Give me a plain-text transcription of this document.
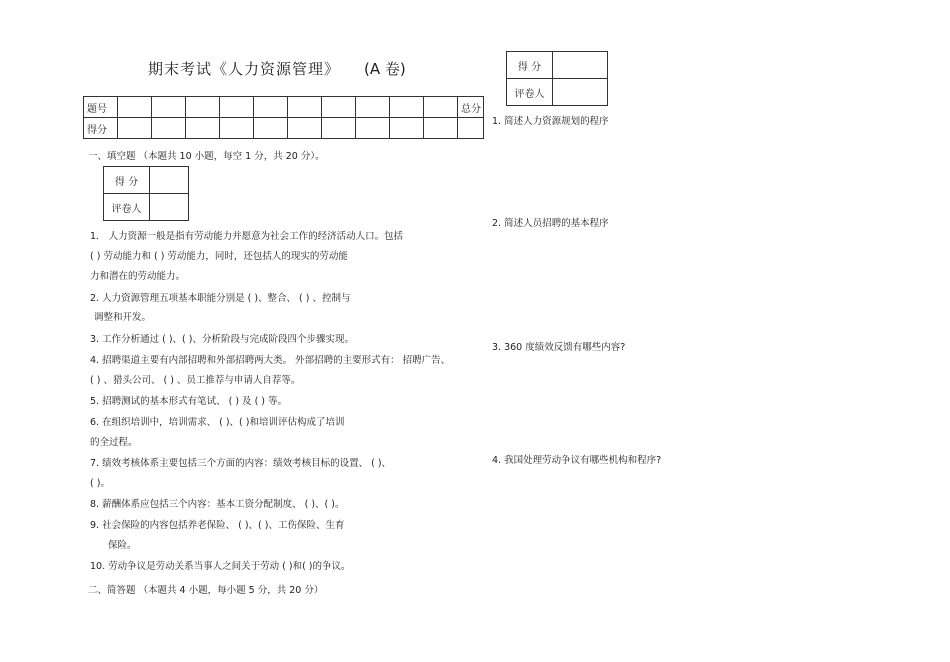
期末考试《人力资源管理》 (A 卷)
题号											总分
得分											
一、填空题 （本题共 10 小题，每空 1 分，共 20 分）。
得 分	
评卷人	
1． 人力资源一般是指有劳动能力并愿意为社会工作的经济活动人口。包括
( ) 劳动能力和 ( ) 劳动能力，同时，还包括人的现实的劳动能
力和潜在的劳动能力。
2. 人力资源管理五项基本职能分别是 ( )、整合、 ( ) 、控制与
调整和开发。
3. 工作分析通过 ( )、( )、分析阶段与完成阶段四个步骤实现。
4. 招聘渠道主要有内部招聘和外部招聘两大类。 外部招聘的主要形式有： 招聘广告、
( ) 、猎头公司、 ( ) 、员工推荐与申请人自荐等。
5. 招聘测试的基本形式有笔试、 ( ) 及 ( ) 等。
6. 在组织培训中，培训需求、 ( )、( )和培训评估构成了培训
的全过程。
7. 绩效考核体系主要包括三个方面的内容：绩效考核目标的设置、 ( )、
( )。
8. 薪酬体系应包括三个内容：基本工资分配制度、 ( )、( )。
9. 社会保险的内容包括养老保险、 ( )、( )、工伤保险、生育
保险。
10. 劳动争议是劳动关系当事人之间关于劳动 ( )和( )的争议。
二、简答题 （本题共 4 小题，每小题 5 分，共 20 分）
得 分	
评卷人	
1. 简述人力资源规划的程序
2. 简述人员招聘的基本程序
3. 360 度绩效反馈有哪些内容?
4. 我国处理劳动争议有哪些机构和程序?
